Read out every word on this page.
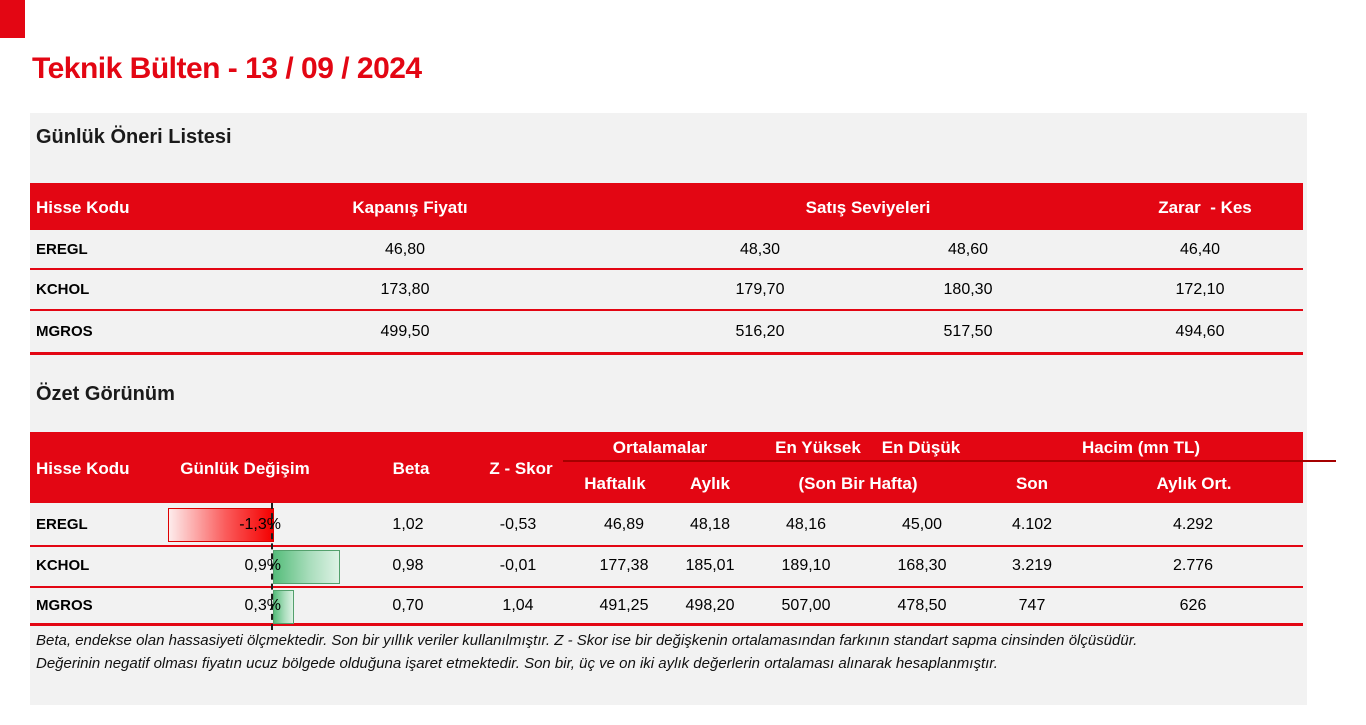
Teknik Bülten - 13 / 09 / 2024
Günlük Öneri Listesi
Hisse Kodu	Kapanış Fiyatı	Satış Seviyeleri	Zarar  - Kes
EREGL	46,80	48,30	48,60	46,40
KCHOL	173,80	179,70	180,30	172,10
MGROS	499,50	516,20	517,50	494,60
Özet Görünüm
Hisse Kodu	Günlük Değişim	Beta	Z - Skor
Ortalamalar	En Yüksek	En Düşük	Hacim (mn TL)
Haftalık	Aylık	(Son Bir Hafta)	Son	Aylık Ort.
EREGL	-1,3%	1,02	-0,53	46,89	48,18	48,16	45,00	4.102	4.292
KCHOL	0,9%	0,98	-0,01	177,38	185,01	189,10	168,30	3.219	2.776
MGROS	0,3%	0,70	1,04	491,25	498,20	507,00	478,50	747	626
Beta, endekse olan hassasiyeti ölçmektedir. Son bir yıllık veriler kullanılmıştır. Z - Skor ise bir değişkenin ortalamasından farkının standart sapma cinsinden ölçüsüdür.
Değerinin negatif olması fiyatın ucuz bölgede olduğuna işaret etmektedir. Son bir, üç ve on iki aylık değerlerin ortalaması alınarak hesaplanmıştır.
